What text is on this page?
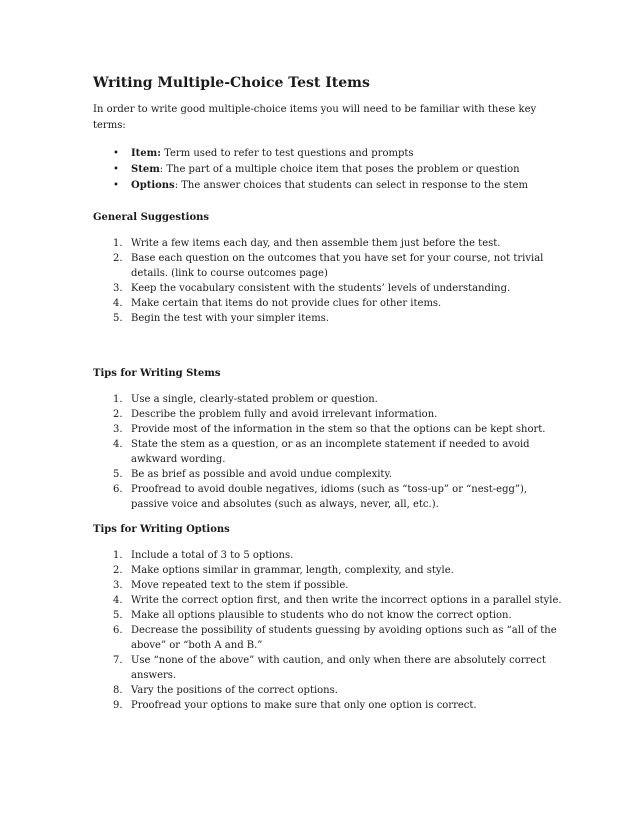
Writing Multiple-Choice Test Items
In order to write good multiple-choice items you will need to be familiar with these key terms:
• Item: Term used to refer to test questions and prompts
• Stem: The part of a multiple choice item that poses the problem or question
• Options: The answer choices that students can select in response to the stem
General Suggestions
1. Write a few items each day, and then assemble them just before the test.
2. Base each question on the outcomes that you have set for your course, not trivial details. (link to course outcomes page)
3. Keep the vocabulary consistent with the students’ levels of understanding.
4. Make certain that items do not provide clues for other items.
5. Begin the test with your simpler items.
Tips for Writing Stems
1. Use a single, clearly-stated problem or question.
2. Describe the problem fully and avoid irrelevant information.
3. Provide most of the information in the stem so that the options can be kept short.
4. State the stem as a question, or as an incomplete statement if needed to avoid awkward wording.
5. Be as brief as possible and avoid undue complexity.
6. Proofread to avoid double negatives, idioms (such as “toss-up” or “nest-egg”), passive voice and absolutes (such as always, never, all, etc.).
Tips for Writing Options
1. Include a total of 3 to 5 options.
2. Make options similar in grammar, length, complexity, and style.
3. Move repeated text to the stem if possible.
4. Write the correct option first, and then write the incorrect options in a parallel style.
5. Make all options plausible to students who do not know the correct option.
6. Decrease the possibility of students guessing by avoiding options such as “all of the above” or “both A and B.”
7. Use “none of the above” with caution, and only when there are absolutely correct answers.
8. Vary the positions of the correct options.
9. Proofread your options to make sure that only one option is correct.
